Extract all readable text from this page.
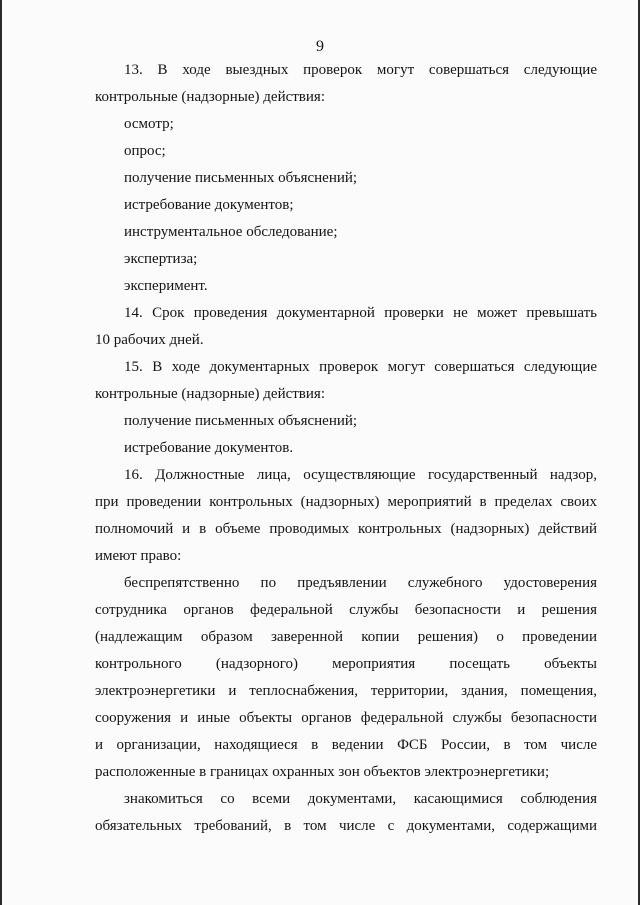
9
13. В ходе выездных проверок могут совершаться следующие
контрольные (надзорные) действия:
осмотр;
опрос;
получение письменных объяснений;
истребование документов;
инструментальное обследование;
экспертиза;
эксперимент.
14. Срок проведения документарной проверки не может превышать
10 рабочих дней.
15. В ходе документарных проверок могут совершаться следующие
контрольные (надзорные) действия:
получение письменных объяснений;
истребование документов.
16. Должностные лица, осуществляющие государственный надзор,
при проведении контрольных (надзорных) мероприятий в пределах своих
полномочий и в объеме проводимых контрольных (надзорных) действий
имеют право:
беспрепятственно по предъявлении служебного удостоверения
сотрудника органов федеральной службы безопасности и решения
(надлежащим образом заверенной копии решения) о проведении
контрольного (надзорного) мероприятия посещать объекты
электроэнергетики и теплоснабжения, территории, здания, помещения,
сооружения и иные объекты органов федеральной службы безопасности
и организации, находящиеся в ведении ФСБ России, в том числе
расположенные в границах охранных зон объектов электроэнергетики;
знакомиться со всеми документами, касающимися соблюдения
обязательных требований, в том числе с документами, содержащими
